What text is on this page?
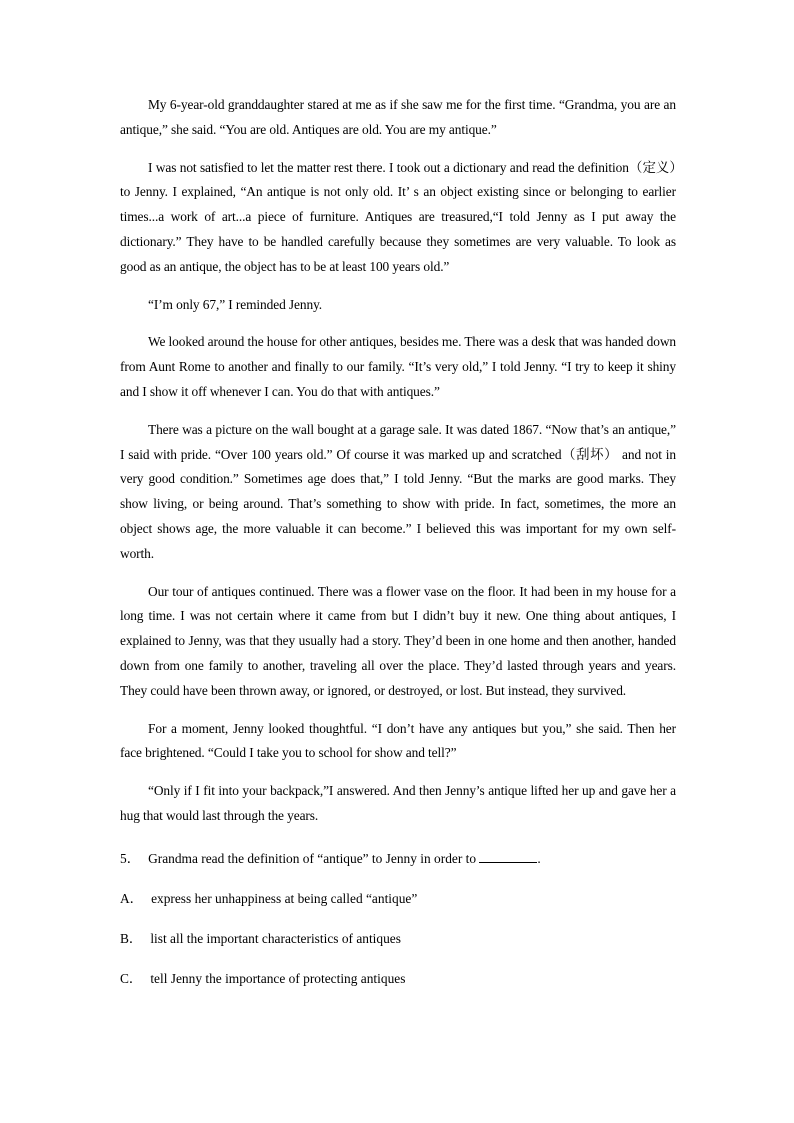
My 6-year-old granddaughter stared at me as if she saw me for the first time. “Grandma, you are an antique,” she said. “You are old. Antiques are old. You are my antique.”

I was not satisfied to let the matter rest there. I took out a dictionary and read the definition（定义）to Jenny. I explained, “An antique is not only old. It’ s an object existing since or belonging to earlier times...a work of art...a piece of furniture. Antiques are treasured,“I told Jenny as I put away the dictionary.” They have to be handled carefully because they sometimes are very valuable. To look as good as an antique, the object has to be at least 100 years old.”

“I’m only 67,” I reminded Jenny.

We looked around the house for other antiques, besides me. There was a desk that was handed down from Aunt Rome to another and finally to our family. “It’s very old,” I told Jenny. “I try to keep it shiny and I show it off whenever I can. You do that with antiques.”

There was a picture on the wall bought at a garage sale. It was dated 1867. “Now that’s an antique,” I said with pride. “Over 100 years old.” Of course it was marked up and scratched（刮坏） and not in very good condition.” Sometimes age does that,” I told Jenny. “But the marks are good marks. They show living, or being around. That’s something to show with pride. In fact, sometimes, the more an object shows age, the more valuable it can become.” I believed this was important for my own self-worth.

Our tour of antiques continued. There was a flower vase on the floor. It had been in my house for a long time. I was not certain where it came from but I didn’t buy it new. One thing about antiques, I explained to Jenny, was that they usually had a story. They’d been in one home and then another, handed down from one family to another, traveling all over the place. They’d lasted through years and years. They could have been thrown away, or ignored, or destroyed, or lost. But instead, they survived.

For a moment, Jenny looked thoughtful. “I don’t have any antiques but you,” she said. Then her face brightened. “Could I take you to school for show and tell?”

“Only if I fit into your backpack,”I answered. And then Jenny’s antique lifted her up and gave her a hug that would last through the years.

5． Grandma read the definition of “antique” to Jenny in order to	.

A． express her unhappiness at being called “antique”

B． list all the important characteristics of antiques

C． tell Jenny the importance of protecting antiques
